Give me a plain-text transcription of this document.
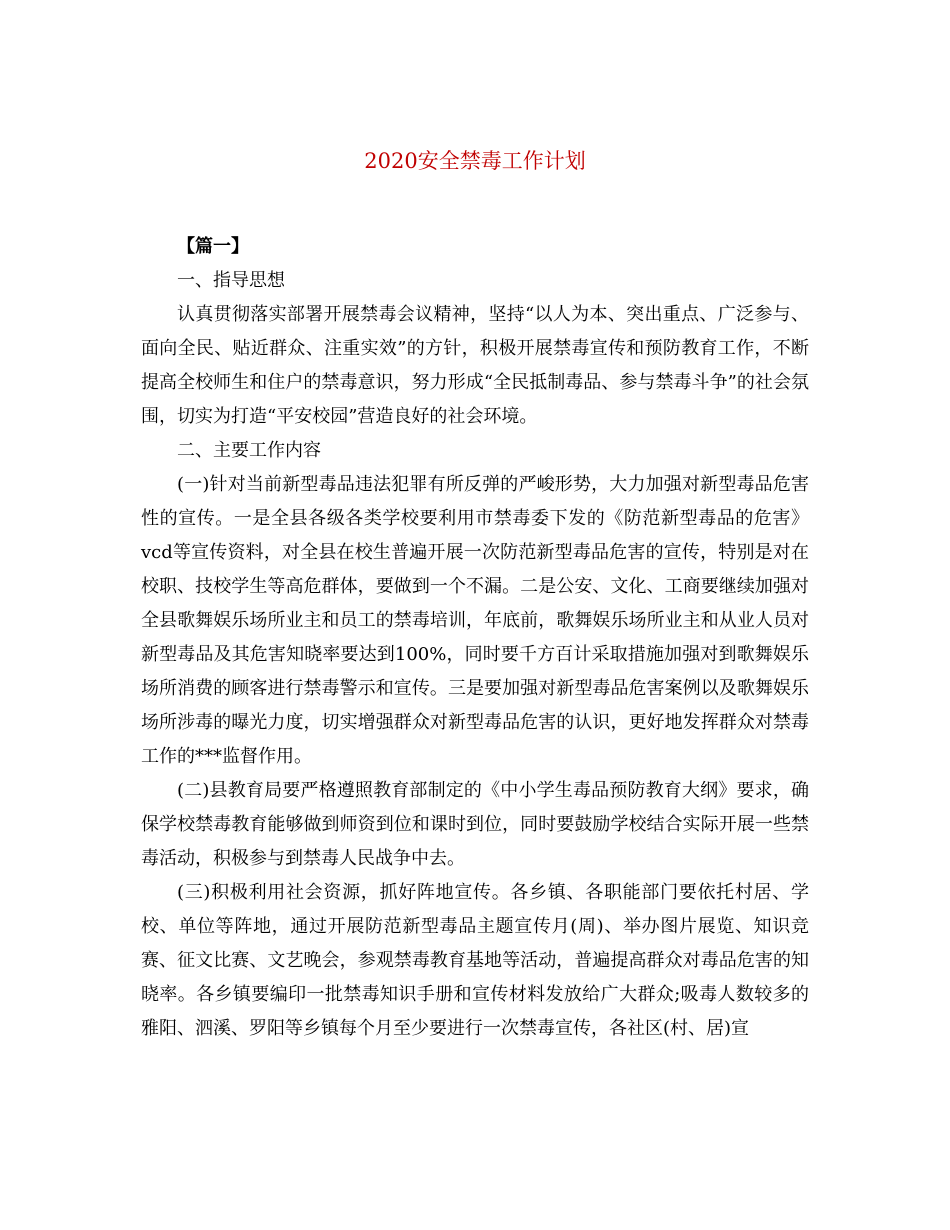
2020安全禁毒工作计划

【篇一】

一、指导思想

认真贯彻落实部署开展禁毒会议精神，坚持“以人为本、突出重点、广泛参与、面向全民、贴近群众、注重实效”的方针，积极开展禁毒宣传和预防教育工作，不断提高全校师生和住户的禁毒意识，努力形成“全民抵制毒品、参与禁毒斗争”的社会氛围，切实为打造“平安校园”营造良好的社会环境。

二、主要工作内容

(一)针对当前新型毒品违法犯罪有所反弹的严峻形势，大力加强对新型毒品危害性的宣传。一是全县各级各类学校要利用市禁毒委下发的《防范新型毒品的危害》vcd等宣传资料，对全县在校生普遍开展一次防范新型毒品危害的宣传，特别是对在校职、技校学生等高危群体，要做到一个不漏。二是公安、文化、工商要继续加强对全县歌舞娱乐场所业主和员工的禁毒培训，年底前，歌舞娱乐场所业主和从业人员对新型毒品及其危害知晓率要达到100%，同时要千方百计采取措施加强对到歌舞娱乐场所消费的顾客进行禁毒警示和宣传。三是要加强对新型毒品危害案例以及歌舞娱乐场所涉毒的曝光力度，切实增强群众对新型毒品危害的认识，更好地发挥群众对禁毒工作的***监督作用。

(二)县教育局要严格遵照教育部制定的《中小学生毒品预防教育大纲》要求，确保学校禁毒教育能够做到师资到位和课时到位，同时要鼓励学校结合实际开展一些禁毒活动，积极参与到禁毒人民战争中去。

(三)积极利用社会资源，抓好阵地宣传。各乡镇、各职能部门要依托村居、学校、单位等阵地，通过开展防范新型毒品主题宣传月(周)、举办图片展览、知识竞赛、征文比赛、文艺晚会，参观禁毒教育基地等活动，普遍提高群众对毒品危害的知晓率。各乡镇要编印一批禁毒知识手册和宣传材料发放给广大群众;吸毒人数较多的雅阳、泗溪、罗阳等乡镇每个月至少要进行一次禁毒宣传，各社区(村、居)宣
